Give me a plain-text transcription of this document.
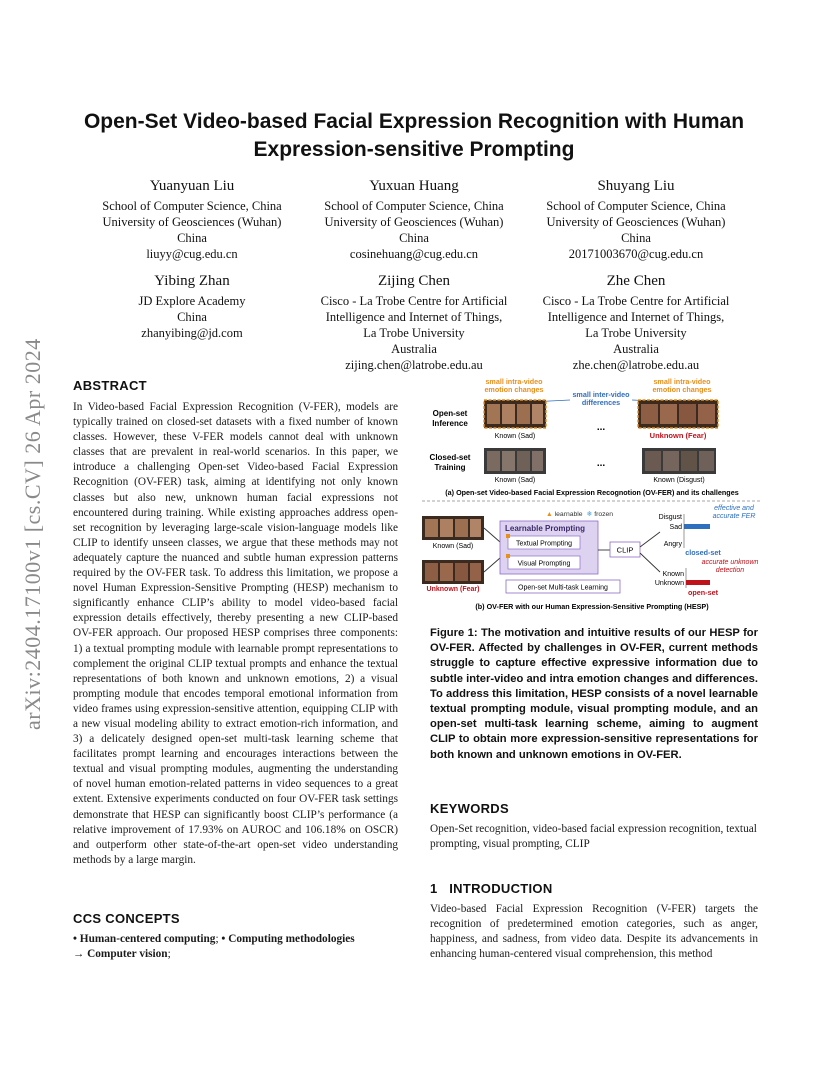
arXiv:2404.17100v1 [cs.CV] 26 Apr 2024
Open-Set Video-based Facial Expression Recognition with Human Expression-sensitive Prompting
Yuanyuan Liu
School of Computer Science, China
University of Geosciences (Wuhan)
China
liuyy@cug.edu.cn
Yuxuan Huang
School of Computer Science, China
University of Geosciences (Wuhan)
China
cosinehuang@cug.edu.cn
Shuyang Liu
School of Computer Science, China
University of Geosciences (Wuhan)
China
20171003670@cug.edu.cn
Yibing Zhan
JD Explore Academy
China
zhanyibing@jd.com
Zijing Chen
Cisco - La Trobe Centre for Artificial
Intelligence and Internet of Things,
La Trobe University
Australia
zijing.chen@latrobe.edu.au
Zhe Chen
Cisco - La Trobe Centre for Artificial
Intelligence and Internet of Things,
La Trobe University
Australia
zhe.chen@latrobe.edu.au
ABSTRACT
In Video-based Facial Expression Recognition (V-FER), models are typically trained on closed-set datasets with a fixed number of known classes. However, these V-FER models cannot deal with unknown classes that are prevalent in real-world scenarios. In this paper, we introduce a challenging Open-set Video-based Facial Expression Recognition (OV-FER) task, aiming at identifying not only known classes but also new, unknown human facial expressions not encountered during training. While existing approaches address open-set recognition by leveraging large-scale vision-language models like CLIP to identify unseen classes, we argue that these methods may not adequately capture the nuanced and subtle human expression patterns required by the OV-FER task. To address this limitation, we propose a novel Human Expression-Sensitive Prompting (HESP) mechanism to significantly enhance CLIP’s ability to model video-based facial expression details effectively, thereby presenting a new CLIP-based OV-FER approach. Our proposed HESP comprises three components: 1) a textual prompting module with learnable prompt representations to complement the original CLIP textual prompts and enhance the textual representations of both known and unknown emotions, 2) a visual prompting module that encodes temporal emotional information from video frames using expression-sensitive attention, equipping CLIP with a new visual modeling ability to extract emotion-rich information, and 3) a delicately designed open-set multi-task learning scheme that facilitates prompt learning and encourages interactions between the textual and visual prompting modules, augmenting the understanding of novel human emotion-related patterns in video sequences to a great extent. Extensive experiments conducted on four OV-FER task settings demonstrate that HESP can significantly boost CLIP’s performance (a relative improvement of 17.93% on AUROC and 106.18% on OSCR) and outperform other state-of-the-art open-set video understanding methods by a large margin.
CCS CONCEPTS
• Human-centered computing; • Computing methodologies
→ Computer vision;
small intra-video
emotion changes
small inter-video
differences
small intra-video
emotion changes
Open-set
Inference
Closed-set
Training
...
Known (Sad)	Unknown (Fear)
...
Known (Sad)	Known (Disgust)
(a) Open-set Video-based Facial Expression Recognotion (OV-FER) and its challenges
Known (Sad)
Unknown (Fear)
▲ learnable ❄ frozen
Learnable Prompting
Textual Prompting
Visual Prompting
CLIP
Open-set Multi-task Learning
Disgust
Sad
Angry
closed-set
effective and
accurate FER
Known
Unknown
open-set
accurate unknown
detection
(b) OV-FER with our Human Expression-Sensitive Prompting (HESP)
Figure 1: The motivation and intuitive results of our HESP for OV-FER. Affected by challenges in OV-FER, current methods struggle to capture effective expressive information due to subtle inter-video and intra emotion changes and differences. To address this limitation, HESP consists of a novel learnable textual prompting module, visual prompting module, and an open-set multi-task learning scheme, aiming to augment CLIP to obtain more expression-sensitive representations for both known and unknown emotions in OV-FER.
KEYWORDS
Open-Set recognition, video-based facial expression recognition, textual prompting, visual prompting, CLIP
1   INTRODUCTION
Video-based Facial Expression Recognition (V-FER) targets the recognition of predetermined emotion categories, such as anger, happiness, and sadness, from video data. Despite its advancements in enhancing human-centered visual comprehension, this method
